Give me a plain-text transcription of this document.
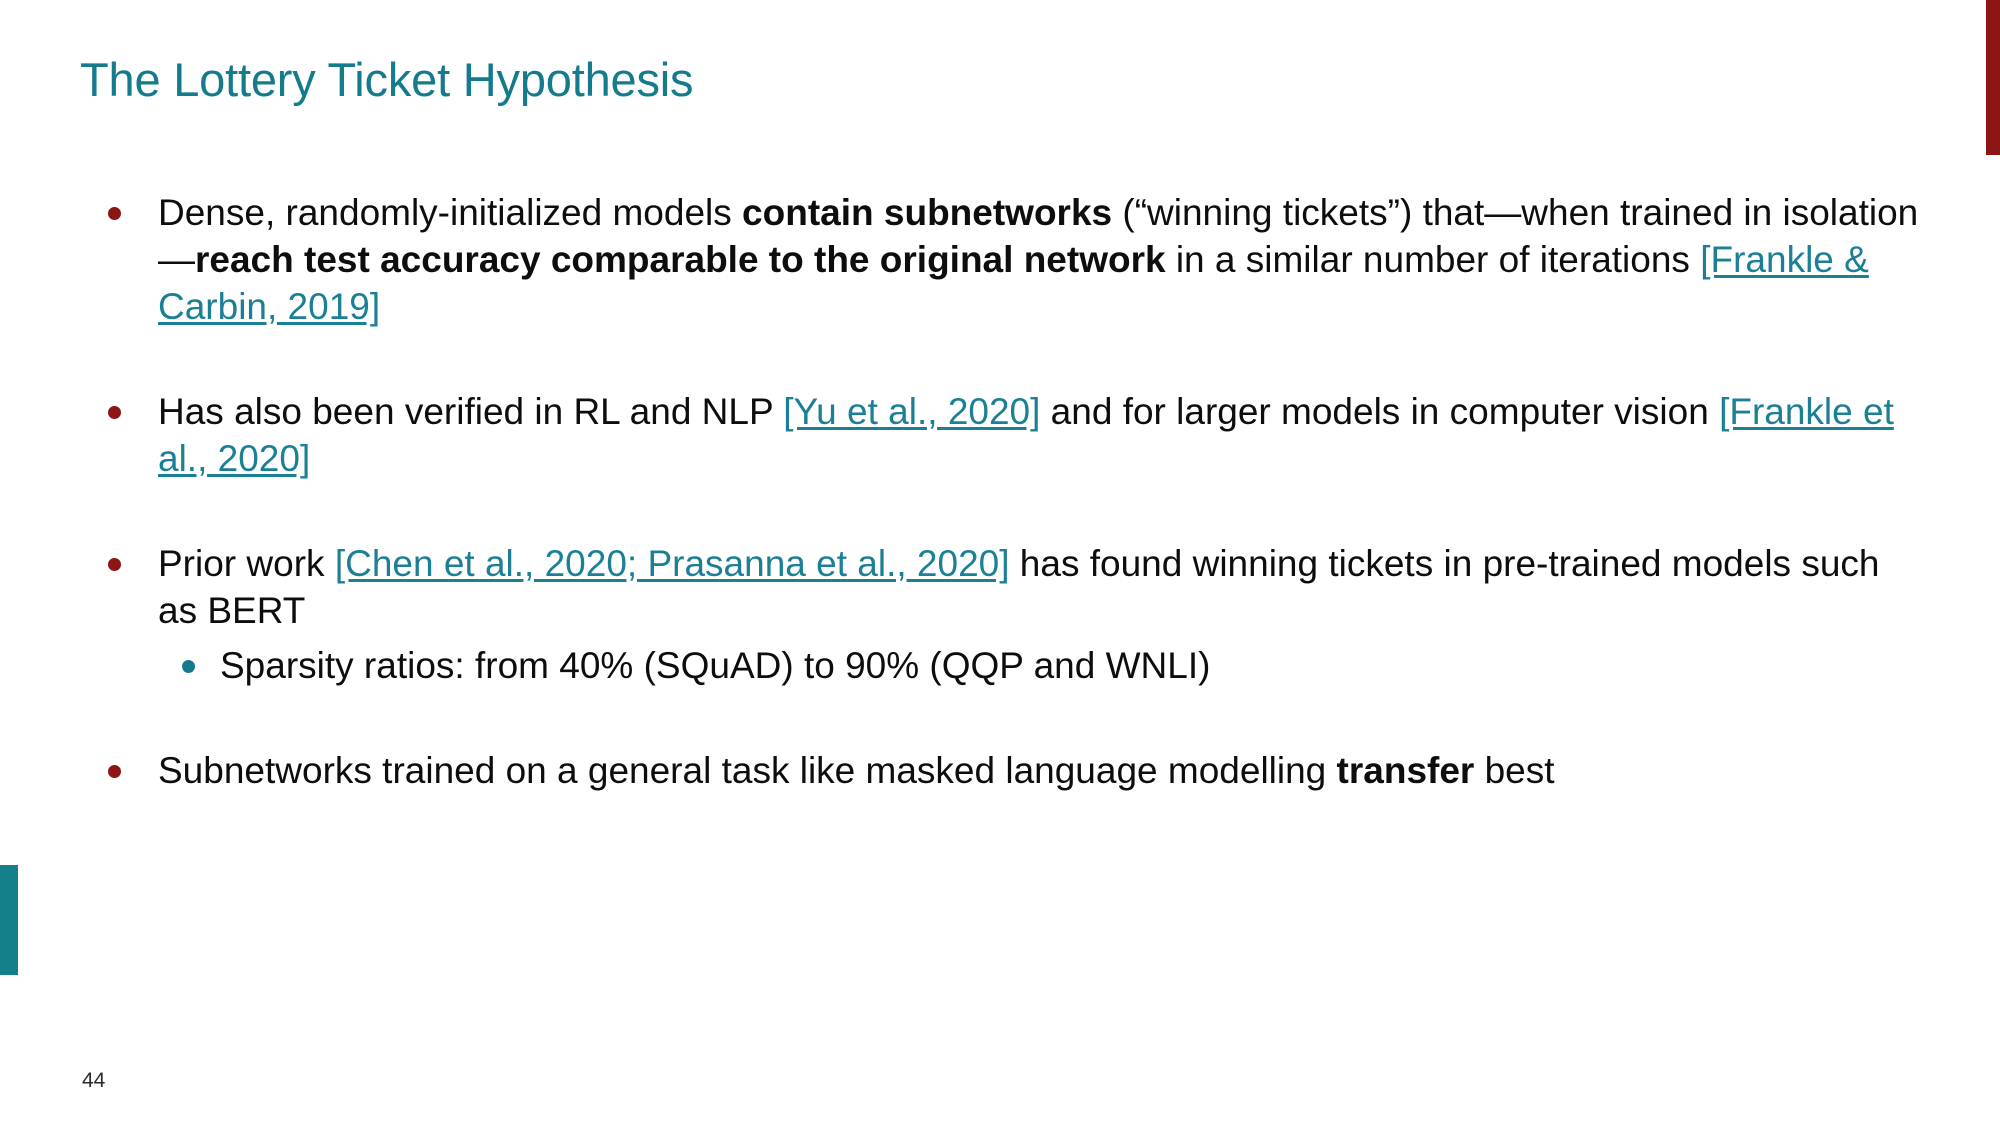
The Lottery Ticket Hypothesis
Dense, randomly-initialized models contain subnetworks (“winning tickets”) that—when trained in isolation—reach test accuracy comparable to the original network in a similar number of iterations [Frankle & Carbin, 2019]
Has also been verified in RL and NLP [Yu et al., 2020] and for larger models in computer vision [Frankle et al., 2020]
Prior work [Chen et al., 2020; Prasanna et al., 2020] has found winning tickets in pre-trained models such as BERT
Sparsity ratios: from 40% (SQuAD) to 90% (QQP and WNLI)
Subnetworks trained on a general task like masked language modelling transfer best
44
